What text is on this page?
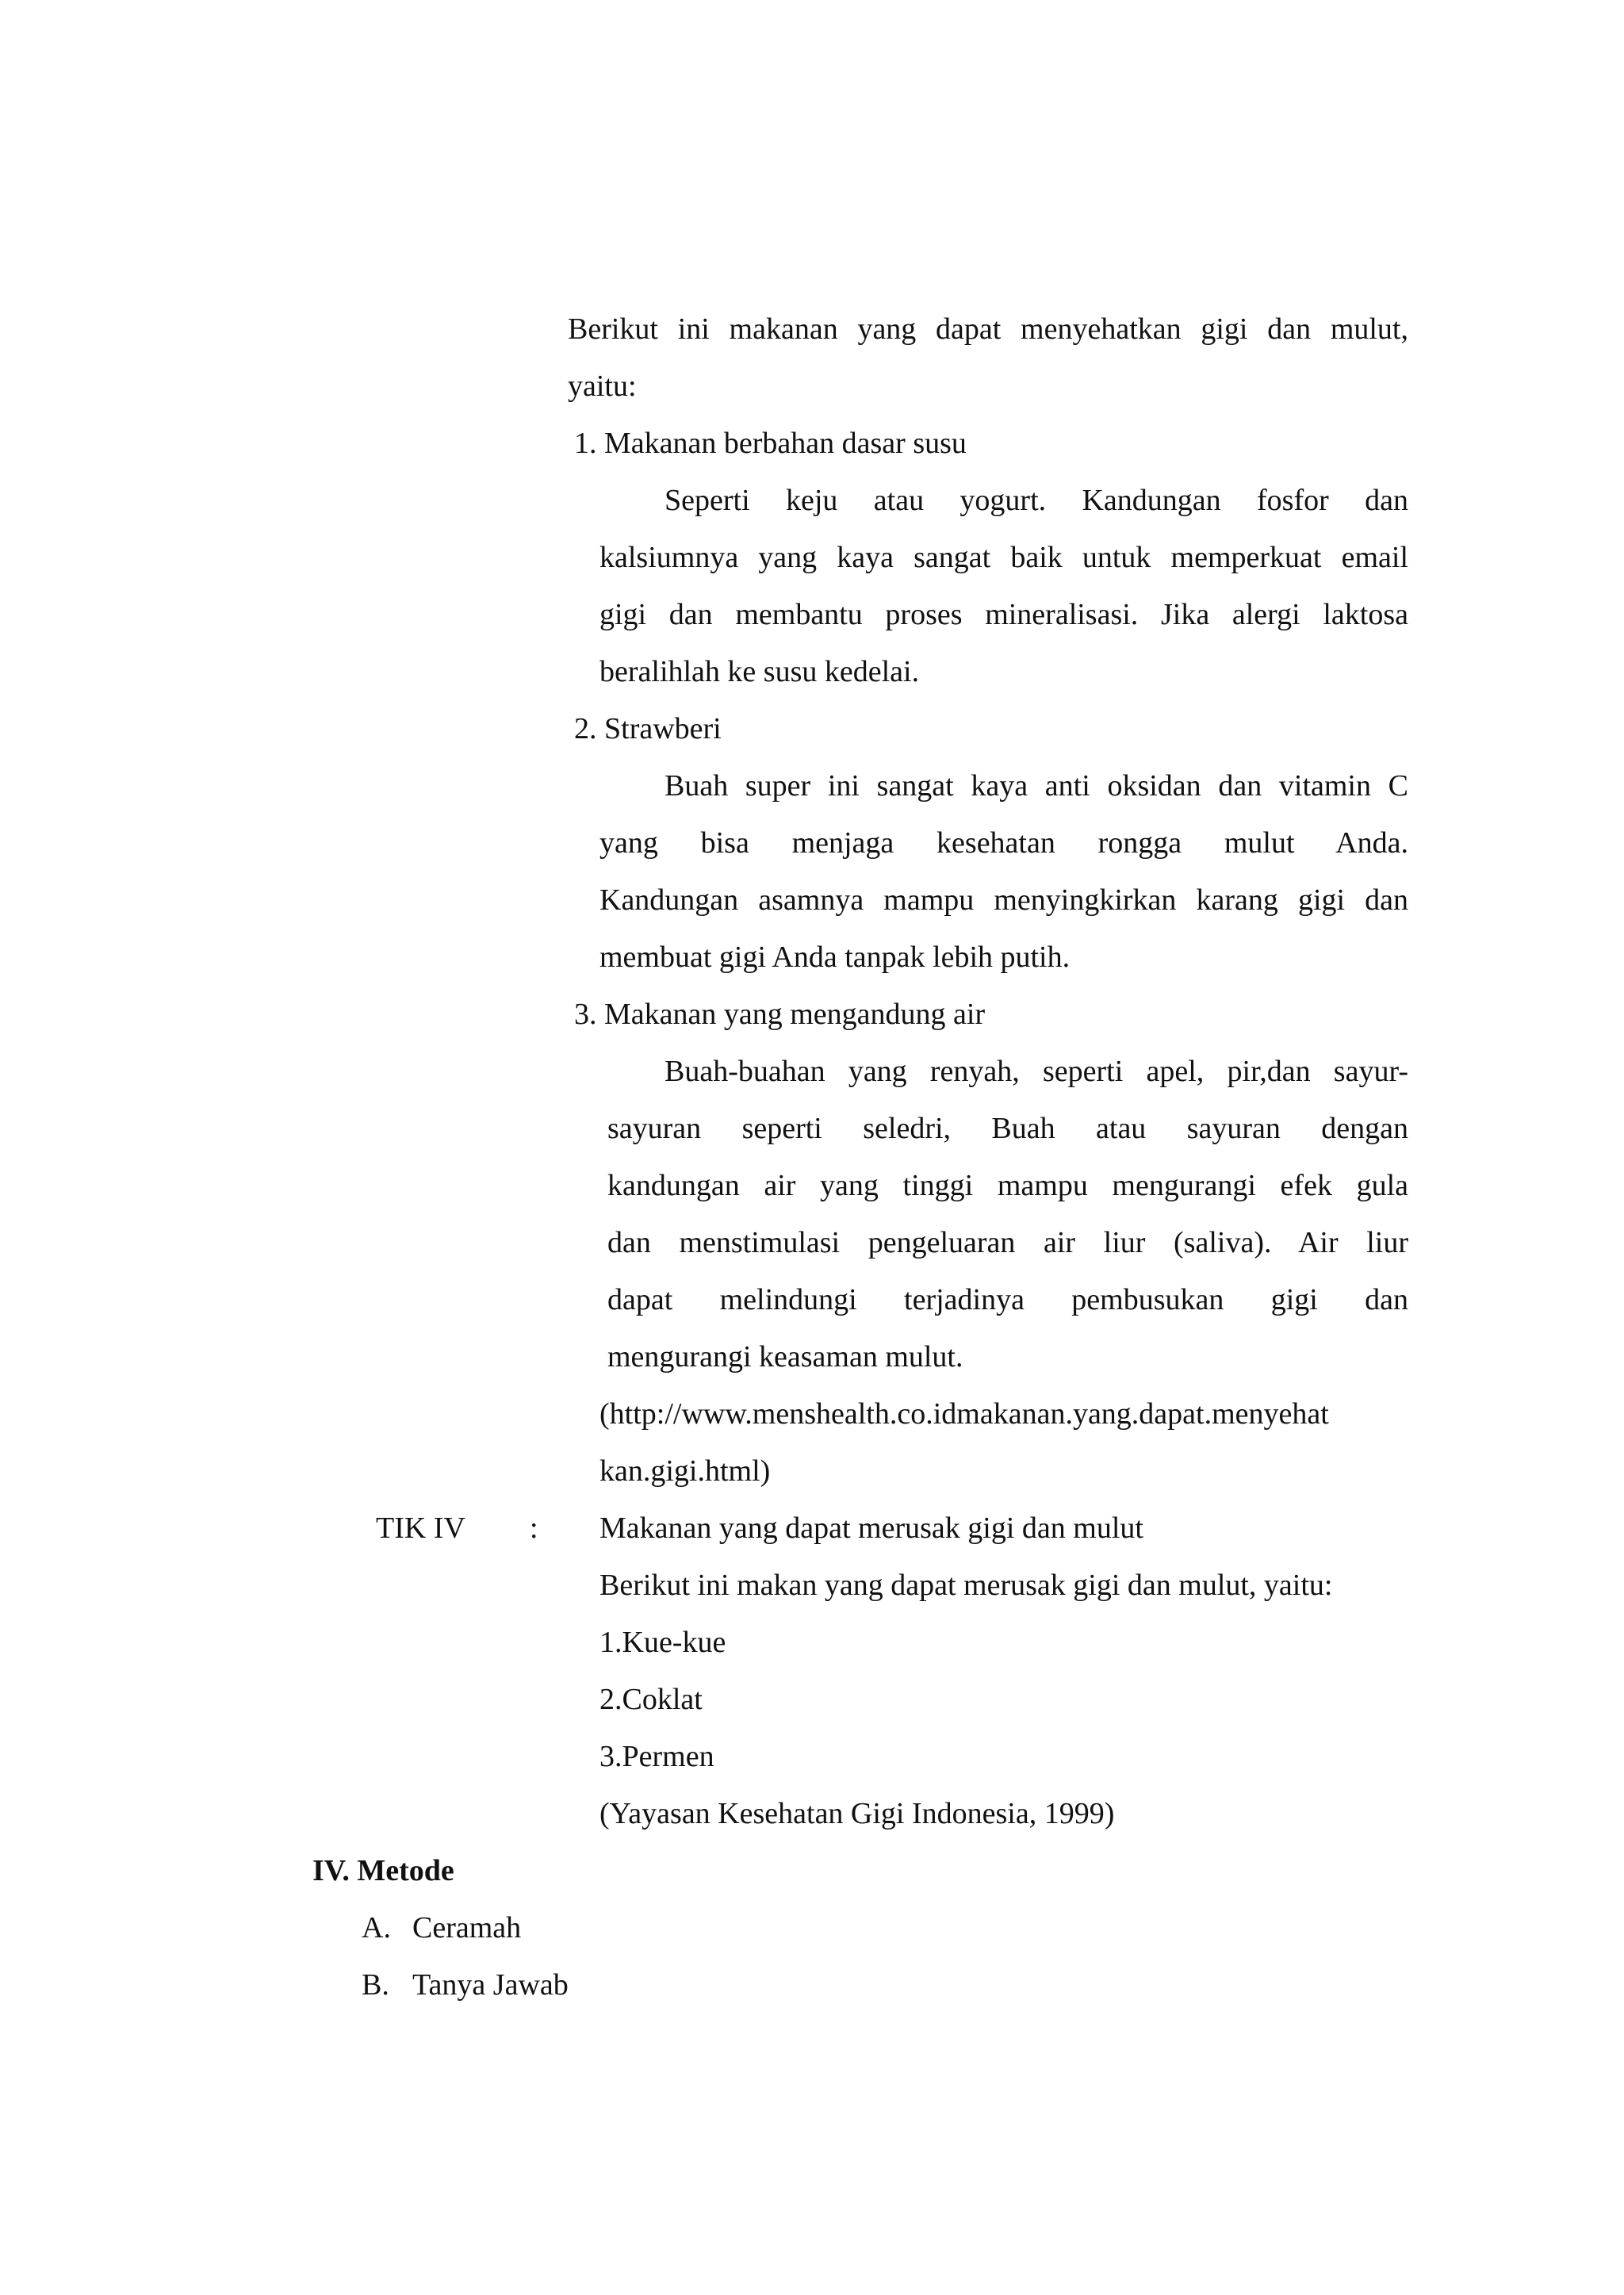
Berikut ini makanan yang dapat menyehatkan gigi dan mulut,
yaitu:
1. Makanan berbahan dasar susu
Seperti keju atau yogurt. Kandungan fosfor dan
kalsiumnya yang kaya sangat baik untuk memperkuat email
gigi dan membantu proses mineralisasi. Jika alergi laktosa
beralihlah ke susu kedelai.
2. Strawberi
Buah super ini sangat kaya anti oksidan dan vitamin C
yang bisa menjaga kesehatan rongga mulut Anda.
Kandungan asamnya mampu menyingkirkan karang gigi dan
membuat gigi Anda tanpak lebih putih.
3. Makanan yang mengandung air
Buah-buahan yang renyah, seperti apel, pir,dan sayur-
sayuran seperti seledri, Buah atau sayuran dengan
kandungan air yang tinggi mampu mengurangi efek gula
dan menstimulasi pengeluaran air liur (saliva). Air liur
dapat melindungi terjadinya pembusukan gigi dan
mengurangi keasaman mulut.
(http://www.menshealth.co.idmakanan.yang.dapat.menyehat
kan.gigi.html)
TIK IV : Makanan yang dapat merusak gigi dan mulut
Berikut ini makan yang dapat merusak gigi dan mulut, yaitu:
1.Kue-kue
2.Coklat
3.Permen
(Yayasan Kesehatan Gigi Indonesia, 1999)
IV. Metode
A. Ceramah
B. Tanya Jawab
